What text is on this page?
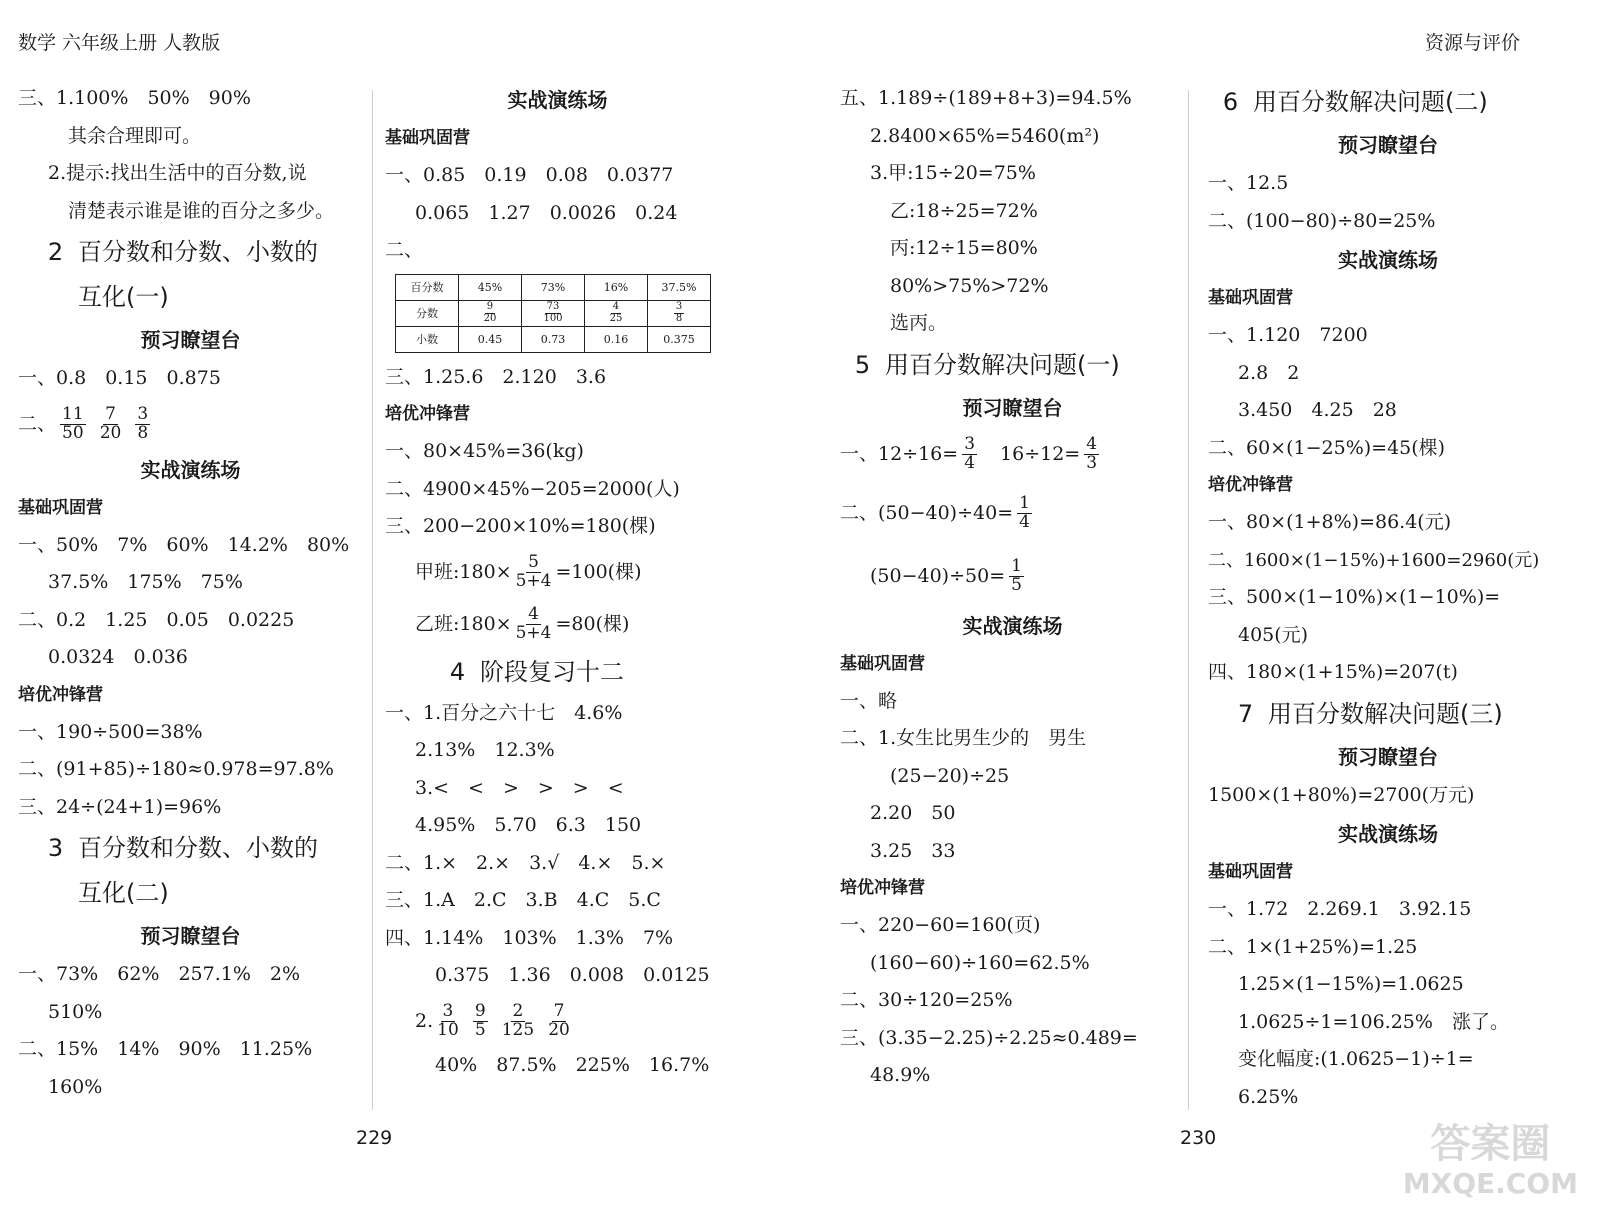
数学 六年级上册 人教版	资源与评价
三、1.100%　50%　90%
其余合理即可。
2.提示:找出生活中的百分数,说
清楚表示谁是谁的百分之多少。
2 百分数和分数、小数的
互化(一)
预习瞭望台
一、0.8　0.15　0.875
二、 $\frac{11}{50}$
$\frac{7}{20}$
$\frac{3}{8}$
实战演练场
基础巩固营
一、50%　7%　60%　14.2%　80%
37.5%　175%　75%
二、0.2　1.25　0.05　0.0225
0.0324　0.036
培优冲锋营
一、190÷500=38%
二、(91+85)÷180≈0.978=97.8%
三、24÷(24+1)=96%
3 百分数和分数、小数的
互化(二)
预习瞭望台
一、73%　62%　257.1%　2%
510%
二、15%　14%　90%　11.25%
160%
实战演练场
基础巩固营
一、0.85　0.19　0.08　0.0377
0.065　1.27　0.0026　0.24
二、
百分数	45%	73%	16%	37.5%
分数	$\frac{9}{20}$	$\frac{73}{100}$	$\frac{4}{25}$	$\frac{3}{8}$

小数	0.45	0.73	0.16	0.375
三、1.25.6　2.120　3.6
培优冲锋营
一、80×45%=36(kg)
二、4900×45%−205=2000(人)
三、200−200×10%=180(棵)
甲班:180× $\frac{5}{5+4} =100$(棵)
乙班:180× $\frac{4}{5+4} =80$(棵)
4 阶段复习十二
一、1.百分之六十七　4.6%
2.13%　12.3%
3.<　<　>　>　>　<
4.95%　5.70　6.3　150
二、1.×　2.×　3.√　4.×　5.×
三、1.A　2.C　3.B　4.C　5.C
四、1.14%　103%　1.3%　7%
0.375　1.36　0.008　0.0125
2. $\frac{3}{10}$
$\frac{9}{5}$
$\frac{2}{125}$
$\frac{7}{20}$
40%　87.5%　225%　16.7%
五、1.189÷(189+8+3)=94.5%
2.8400×65%=5460(m²)
3.甲:15÷20=75%
乙:18÷25=72%
丙:12÷15=80%
80%>75%>72%
选丙。
5 用百分数解决问题(一)
预习瞭望台
一、$12\div 16= \frac{3}{4}$ 　$16\div 12= \frac{4}{3}$
二、$(50-40)\div 40= \frac{1}{4}$
$(50-40)\div 50= \frac{1}{5}$
实战演练场
基础巩固营
一、略
二、1.女生比男生少的　男生
(25−20)÷25
2.20　50
3.25　33
培优冲锋营
一、220−60=160(页)
(160−60)÷160=62.5%
二、30÷120=25%
三、(3.35−2.25)÷2.25≈0.489=
48.9%
6 用百分数解决问题(二)
预习瞭望台
一、12.5
二、(100−80)÷80=25%
实战演练场
基础巩固营
一、1.120　7200
2.8　2
3.450　4.25　28
二、60×(1−25%)=45(棵)
培优冲锋营
一、80×(1+8%)=86.4(元)
二、1600×(1−15%)+1600=2960(元)
三、500×(1−10%)×(1−10%)=
405(元)
四、180×(1+15%)=207(t)
7 用百分数解决问题(三)
预习瞭望台
1500×(1+80%)=2700(万元)
实战演练场
基础巩固营
一、1.72　2.269.1　3.92.15
二、1×(1+25%)=1.25
1.25×(1−15%)=1.0625
1.0625÷1=106.25%　涨了。
变化幅度:(1.0625−1)÷1=
6.25%
229	230	答案圈
MXQE.COM
